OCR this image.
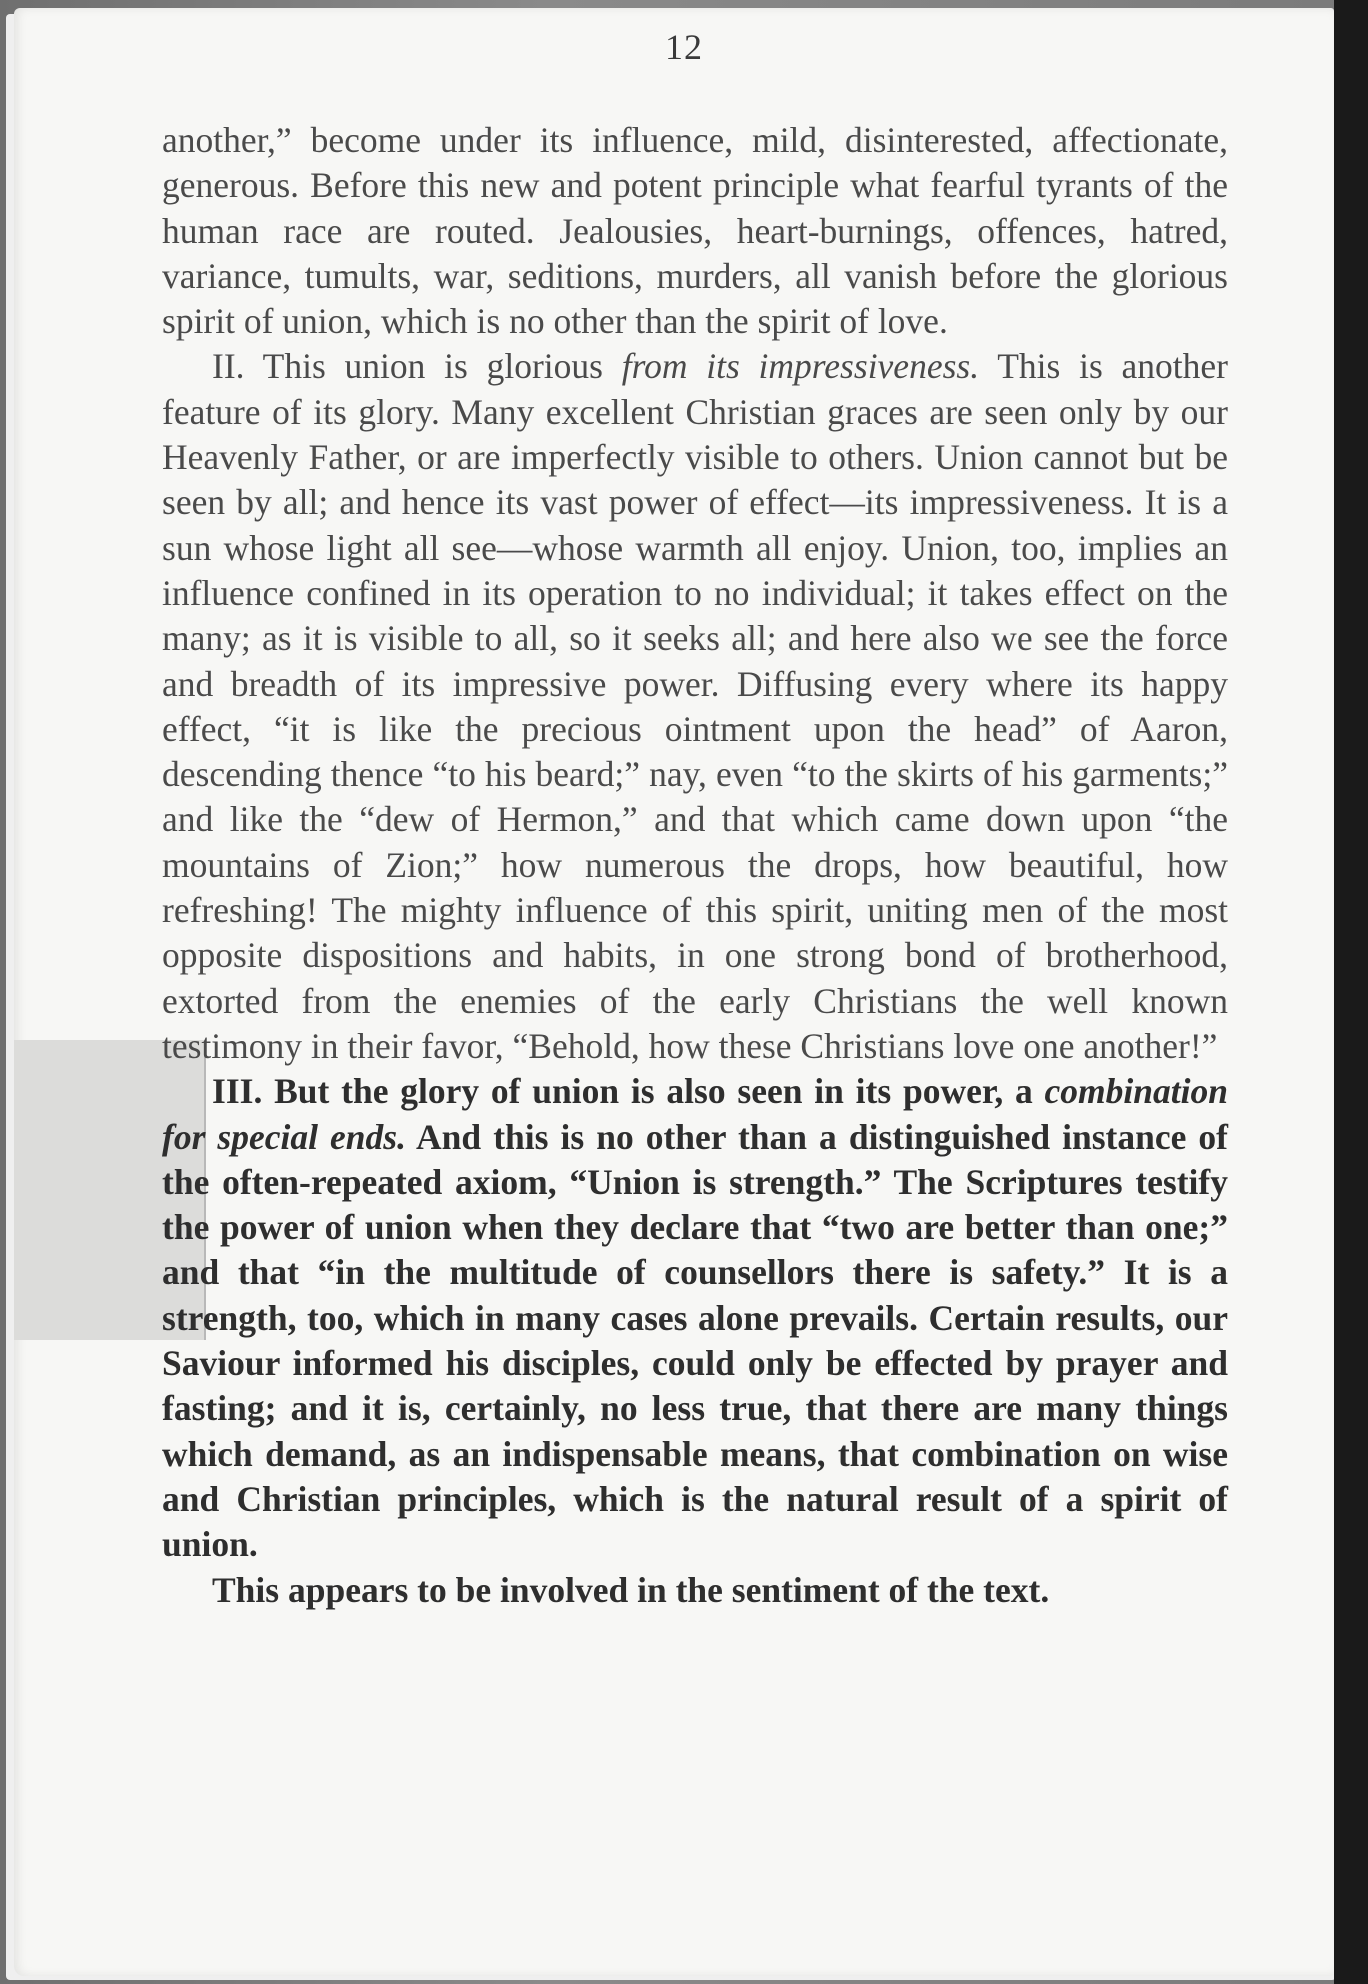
12

another,” become under its influence, mild, disinterested, affectionate, generous. Before this new and potent principle what fearful tyrants of the human race are routed. Jealousies, heart-burnings, offences, hatred, variance, tumults, war, seditions, murders, all vanish before the glorious spirit of union, which is no other than the spirit of love.

II. This union is glorious from its impressiveness. This is another feature of its glory. Many excellent Christian graces are seen only by our Heavenly Father, or are imperfectly visible to others. Union cannot but be seen by all; and hence its vast power of effect—its impressiveness. It is a sun whose light all see—whose warmth all enjoy. Union, too, implies an influence confined in its operation to no individual; it takes effect on the many; as it is visible to all, so it seeks all; and here also we see the force and breadth of its impressive power. Diffusing every where its happy effect, “it is like the precious ointment upon the head” of Aaron, descending thence “to his beard;” nay, even “to the skirts of his garments;” and like the “dew of Hermon,” and that which came down upon “the mountains of Zion;” how numerous the drops, how beautiful, how refreshing! The mighty influence of this spirit, uniting men of the most opposite dispositions and habits, in one strong bond of brotherhood, extorted from the enemies of the early Christians the well known testimony in their favor, “Behold, how these Christians love one another!”

III. But the glory of union is also seen in its power, a combination for special ends. And this is no other than a distinguished instance of the often-repeated axiom, “Union is strength.” The Scriptures testify the power of union when they declare that “two are better than one;” and that “in the multitude of counsellors there is safety.” It is a strength, too, which in many cases alone prevails. Certain results, our Saviour informed his disciples, could only be effected by prayer and fasting; and it is, certainly, no less true, that there are many things which demand, as an indispensable means, that combination on wise and Christian principles, which is the natural result of a spirit of union.

This appears to be involved in the sentiment of the text.
